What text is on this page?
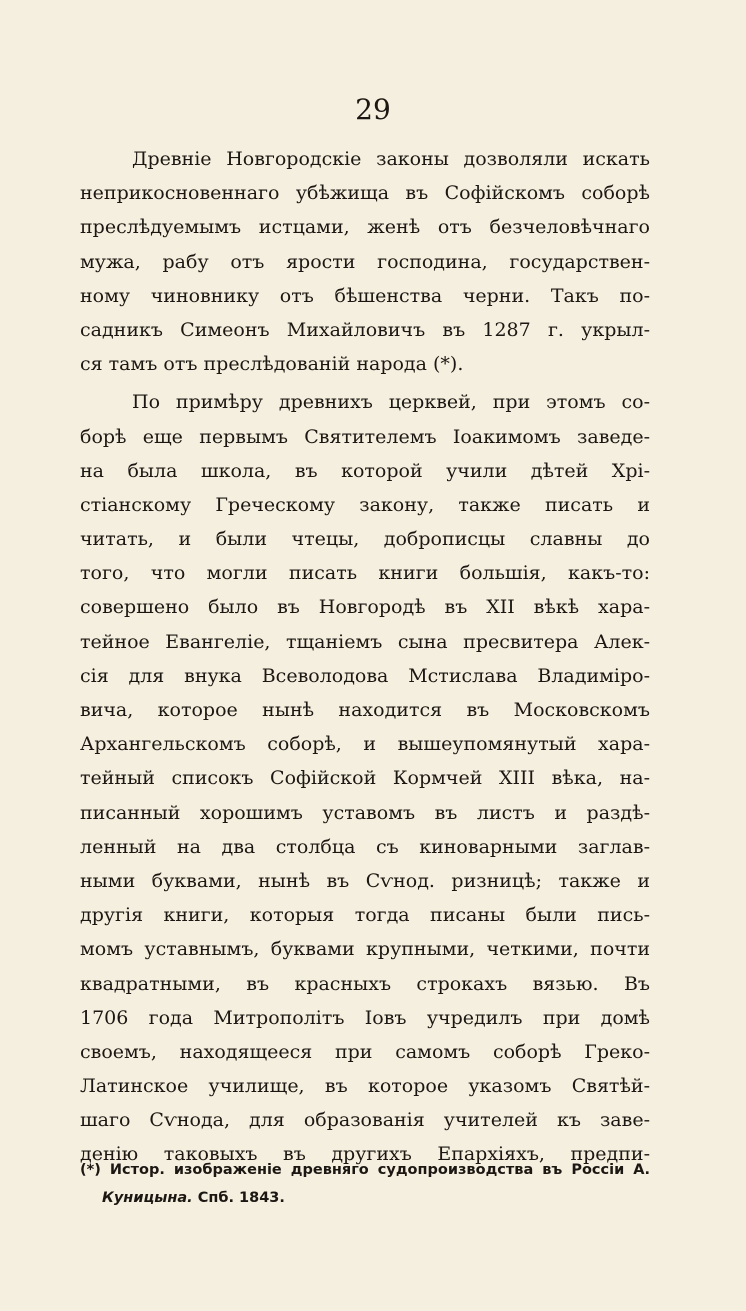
29
Древніе Новгородскіе законы дозволяли искать
неприкосновеннаго убѣжища въ Софійскомъ соборѣ
преслѣдуемымъ истцами, женѣ отъ безчеловѣчнаго
мужа, рабу отъ ярости господина, государствен-
ному чиновнику отъ бѣшенства черни. Такъ по-
садникъ Симеонъ Михайловичъ въ 1287 г. укрыл-
ся тамъ отъ преслѣдованій народа (*).
По примѣру древнихъ церквей, при этомъ со-
борѣ еще первымъ Святителемъ Іоакимомъ заведе-
на была школа, въ которой учили дѣтей Хрі-
стіанскому Греческому закону, также писать и
читать, и были чтецы, доброписцы славны до
того, что могли писать книги большія, какъ-то:
совершено было въ Новгородѣ въ XII вѣкѣ хара-
тейное Евангеліе, тщаніемъ сына пресвитера Алек-
сія для внука Всеволодова Мстислава Владиміро-
вича, которое нынѣ находится въ Московскомъ
Архангельскомъ соборѣ, и вышеупомянутый хара-
тейный списокъ Софійской Кормчей XIII вѣка, на-
писанный хорошимъ уставомъ въ листъ и раздѣ-
ленный на два столбца съ киноварными заглав-
ными буквами, нынѣ въ Сѵнод. ризницѣ; также и
другія книги, которыя тогда писаны были пись-
момъ уставнымъ, буквами крупными, четкими, почти
квадратными, въ красныхъ строкахъ вязью. Въ
1706 года Митрополітъ Іовъ учредилъ при домѣ
своемъ, находящееся при самомъ соборѣ Греко-
Латинское училище, въ которое указомъ Святѣй-
шаго Сѵнода, для образованія учителей къ заве-
денію таковыхъ въ другихъ Епархіяхъ, предпи-
(*) Истор. изображеніе древняго судопроизводства въ Россіи А.
Куницына. Спб. 1843.
